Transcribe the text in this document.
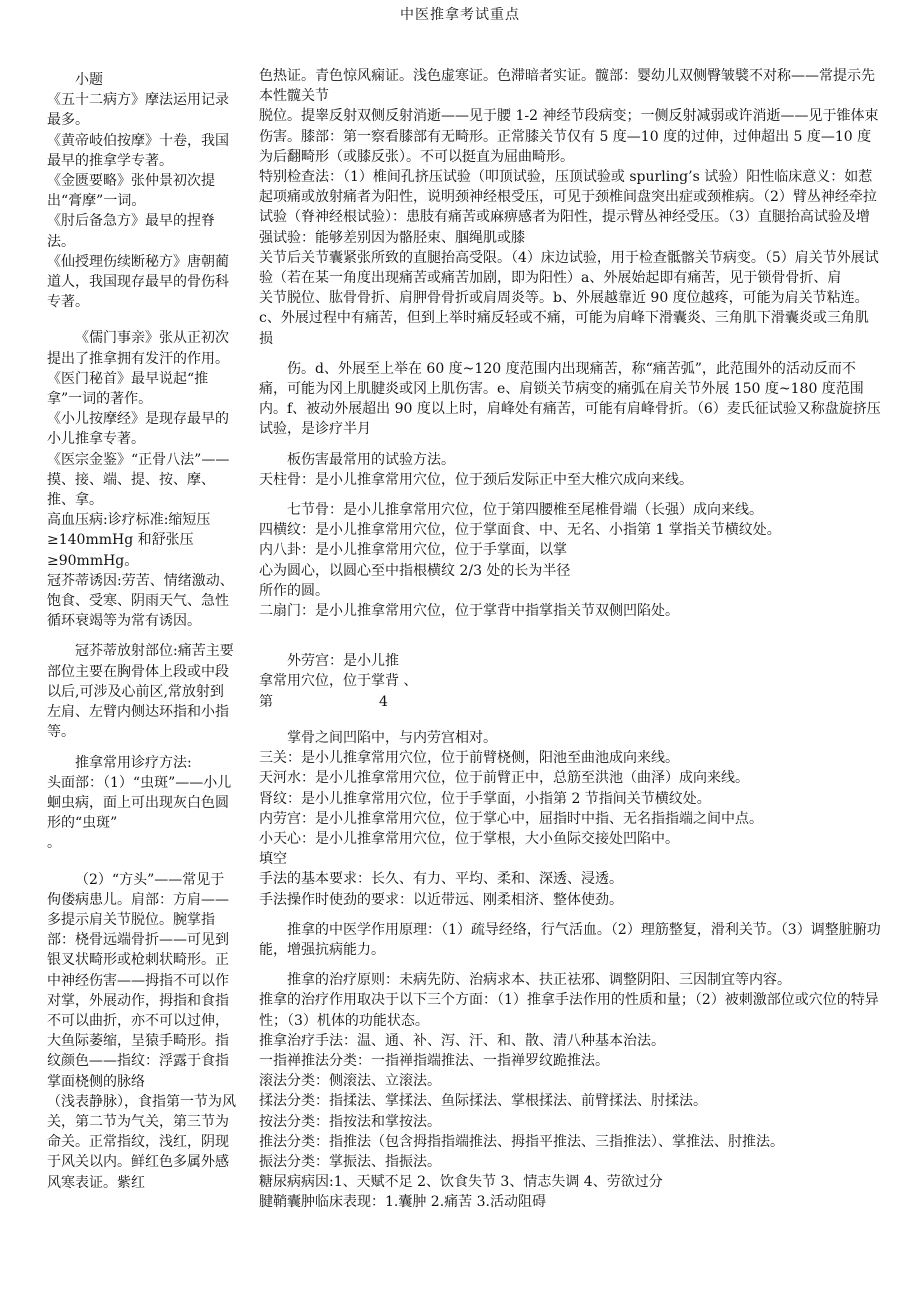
中医推拿考试重点

小题

《五十二病方》摩法运用记录最多。

《黄帝岐伯按摩》十卷，我国最早的推拿学专著。

《金匮要略》张仲景初次提出“膏摩”一词。

《肘后备急方》最早的捏脊法。

《仙授理伤续断秘方》唐朝蔺道人，我国现存最早的骨伤科专著。

《儒门事亲》张从正初次提出了推拿拥有发汗的作用。

《医门秘首》最早说起“推拿”一词的著作。

《小儿按摩经》是现存最早的小儿推拿专著。

《医宗金鉴》“正骨八法”——摸、接、端、提、按、摩、推、拿。

高血压病:诊疗标准:缩短压≥140mmHg 和舒张压≥90mmHg。

冠芥蒂诱因:劳苦、情绪激动、饱食、受寒、阴雨天气、急性循环衰竭等为常有诱因。

冠芥蒂放射部位:痛苦主要部位主要在胸骨体上段或中段以后,可涉及心前区,常放射到左肩、左臂内侧达环指和小指等。

推拿常用诊疗方法:

头面部：（1）“虫斑”——小儿蛔虫病，面上可出现灰白色圆形的“虫斑”

。

（2）“方头”——常见于佝偻病患儿。肩部：方肩——多提示肩关节脱位。腕掌指部：桡骨远端骨折——可见到银叉状畸形或枪刺状畸形。正中神经伤害——拇指不可以作对掌，外展动作，拇指和食指不可以曲折，亦不可以过伸，大鱼际萎缩，呈猿手畸形。指纹颜色——指纹：浮露于食指掌面桡侧的脉络

（浅表静脉），食指第一节为风关，第二节为气关，第三节为命关。正常指纹，浅红，阴现于风关以内。鲜红色多属外感风寒表证。紫红

色热证。青色惊风痫证。浅色虚寒证。色滞暗者实证。髋部：婴幼儿双侧臀皱襞不对称——常提示先本性髋关节

脱位。提睾反射双侧反射消逝——见于腰 1-2 神经节段病变；一侧反射减弱或许消逝——见于锥体束伤害。膝部：第一察看膝部有无畸形。正常膝关节仅有 5 度—10 度的过伸，过伸超出 5 度—10 度为后翻畸形（或膝反张）。不可以挺直为屈曲畸形。

特别检查法：（1）椎间孔挤压试验（叩顶试验，压顶试验或 spurling’s 试验）阳性临床意义：如惹起项痛或放射痛者为阳性，说明颈神经根受压，可见于颈椎间盘突出症或颈椎病。（2）臂丛神经牵拉试验（脊神经根试验）：患肢有痛苦或麻痹感者为阳性，提示臂丛神经受压。（3）直腿抬高试验及增强试验：能够差别因为骼胫束、腘绳肌或膝

关节后关节囊紧张所致的直腿抬高受限。（4）床边试验，用于检查骶髂关节病变。（5）肩关节外展试验（若在某一角度出现痛苦或痛苦加剧，即为阳性）a、外展始起即有痛苦，见于锁骨骨折、肩

关节脱位、肱骨骨折、肩胛骨骨折或肩周炎等。b、外展越靠近 90 度位越疼，可能为肩关节粘连。c、外展过程中有痛苦，但到上举时痛反轻或不痛，可能为肩峰下滑囊炎、三角肌下滑囊炎或三角肌损

伤。d、外展至上举在 60 度~120 度范围内出现痛苦，称“痛苦弧”，此范围外的活动反而不痛，可能为冈上肌腱炎或冈上肌伤害。e、肩锁关节病变的痛弧在肩关节外展 150 度~180 度范围内。f、被动外展超出 90 度以上时，肩峰处有痛苦，可能有肩峰骨折。（6）麦氏征试验又称盘旋挤压试验，是诊疗半月

板伤害最常用的试验方法。

天柱骨：是小儿推拿常用穴位，位于颈后发际正中至大椎穴成向来线。

七节骨：是小儿推拿常用穴位，位于第四腰椎至尾椎骨端（长强）成向来线。

四横纹：是小儿推拿常用穴位，位于掌面食、中、无名、小指第 1 掌指关节横纹处。

内八卦：是小儿推拿常用穴位，位于手掌面，以掌

心为圆心，以圆心至中指根横纹 2/3 处的长为半径

所作的圆。

二扇门：是小儿推拿常用穴位，位于掌背中指掌指关节双侧凹陷处。

外劳宫：是小儿推

拿常用穴位，位于掌背 、

第	4

掌骨之间凹陷中，与内劳宫相对。

三关：是小儿推拿常用穴位，位于前臂桡侧，阳池至曲池成向来线。

天河水：是小儿推拿常用穴位，位于前臂正中，总筋至洪池（曲泽）成向来线。

肾纹：是小儿推拿常用穴位，位于手掌面，小指第 2 节指间关节横纹处。

内劳宫：是小儿推拿常用穴位，位于掌心中，屈指时中指、无名指指端之间中点。

小天心：是小儿推拿常用穴位，位于掌根，大小鱼际交接处凹陷中。

填空

手法的基本要求：长久、有力、平均、柔和、深透、浸透。

手法操作时使劲的要求：以近带远、刚柔相济、整体使劲。

推拿的中医学作用原理：（1）疏导经络，行气活血。（2）理筋整复，滑利关节。（3）调整脏腑功能，增强抗病能力。

推拿的治疗原则：未病先防、治病求本、扶正祛邪、调整阴阳、三因制宜等内容。

推拿的治疗作用取决于以下三个方面：（1）推拿手法作用的性质和量；（2）被刺激部位或穴位的特异性；（3）机体的功能状态。

推拿治疗手法：温、通、补、泻、汗、和、散、清八种基本治法。

一指禅推法分类：一指禅指端推法、一指禅罗纹跪推法。

滚法分类：侧滚法、立滚法。

揉法分类：指揉法、掌揉法、鱼际揉法、掌根揉法、前臂揉法、肘揉法。

按法分类：指按法和掌按法。

推法分类：指推法（包含拇指指端推法、拇指平推法、三指推法）、掌推法、肘推法。

振法分类：掌振法、指振法。

糖尿病病因:1、天赋不足 2、饮食失节 3、情志失调 4、劳欲过分

腱鞘囊肿临床表现：1.囊肿 2.痛苦 3.活动阻碍
